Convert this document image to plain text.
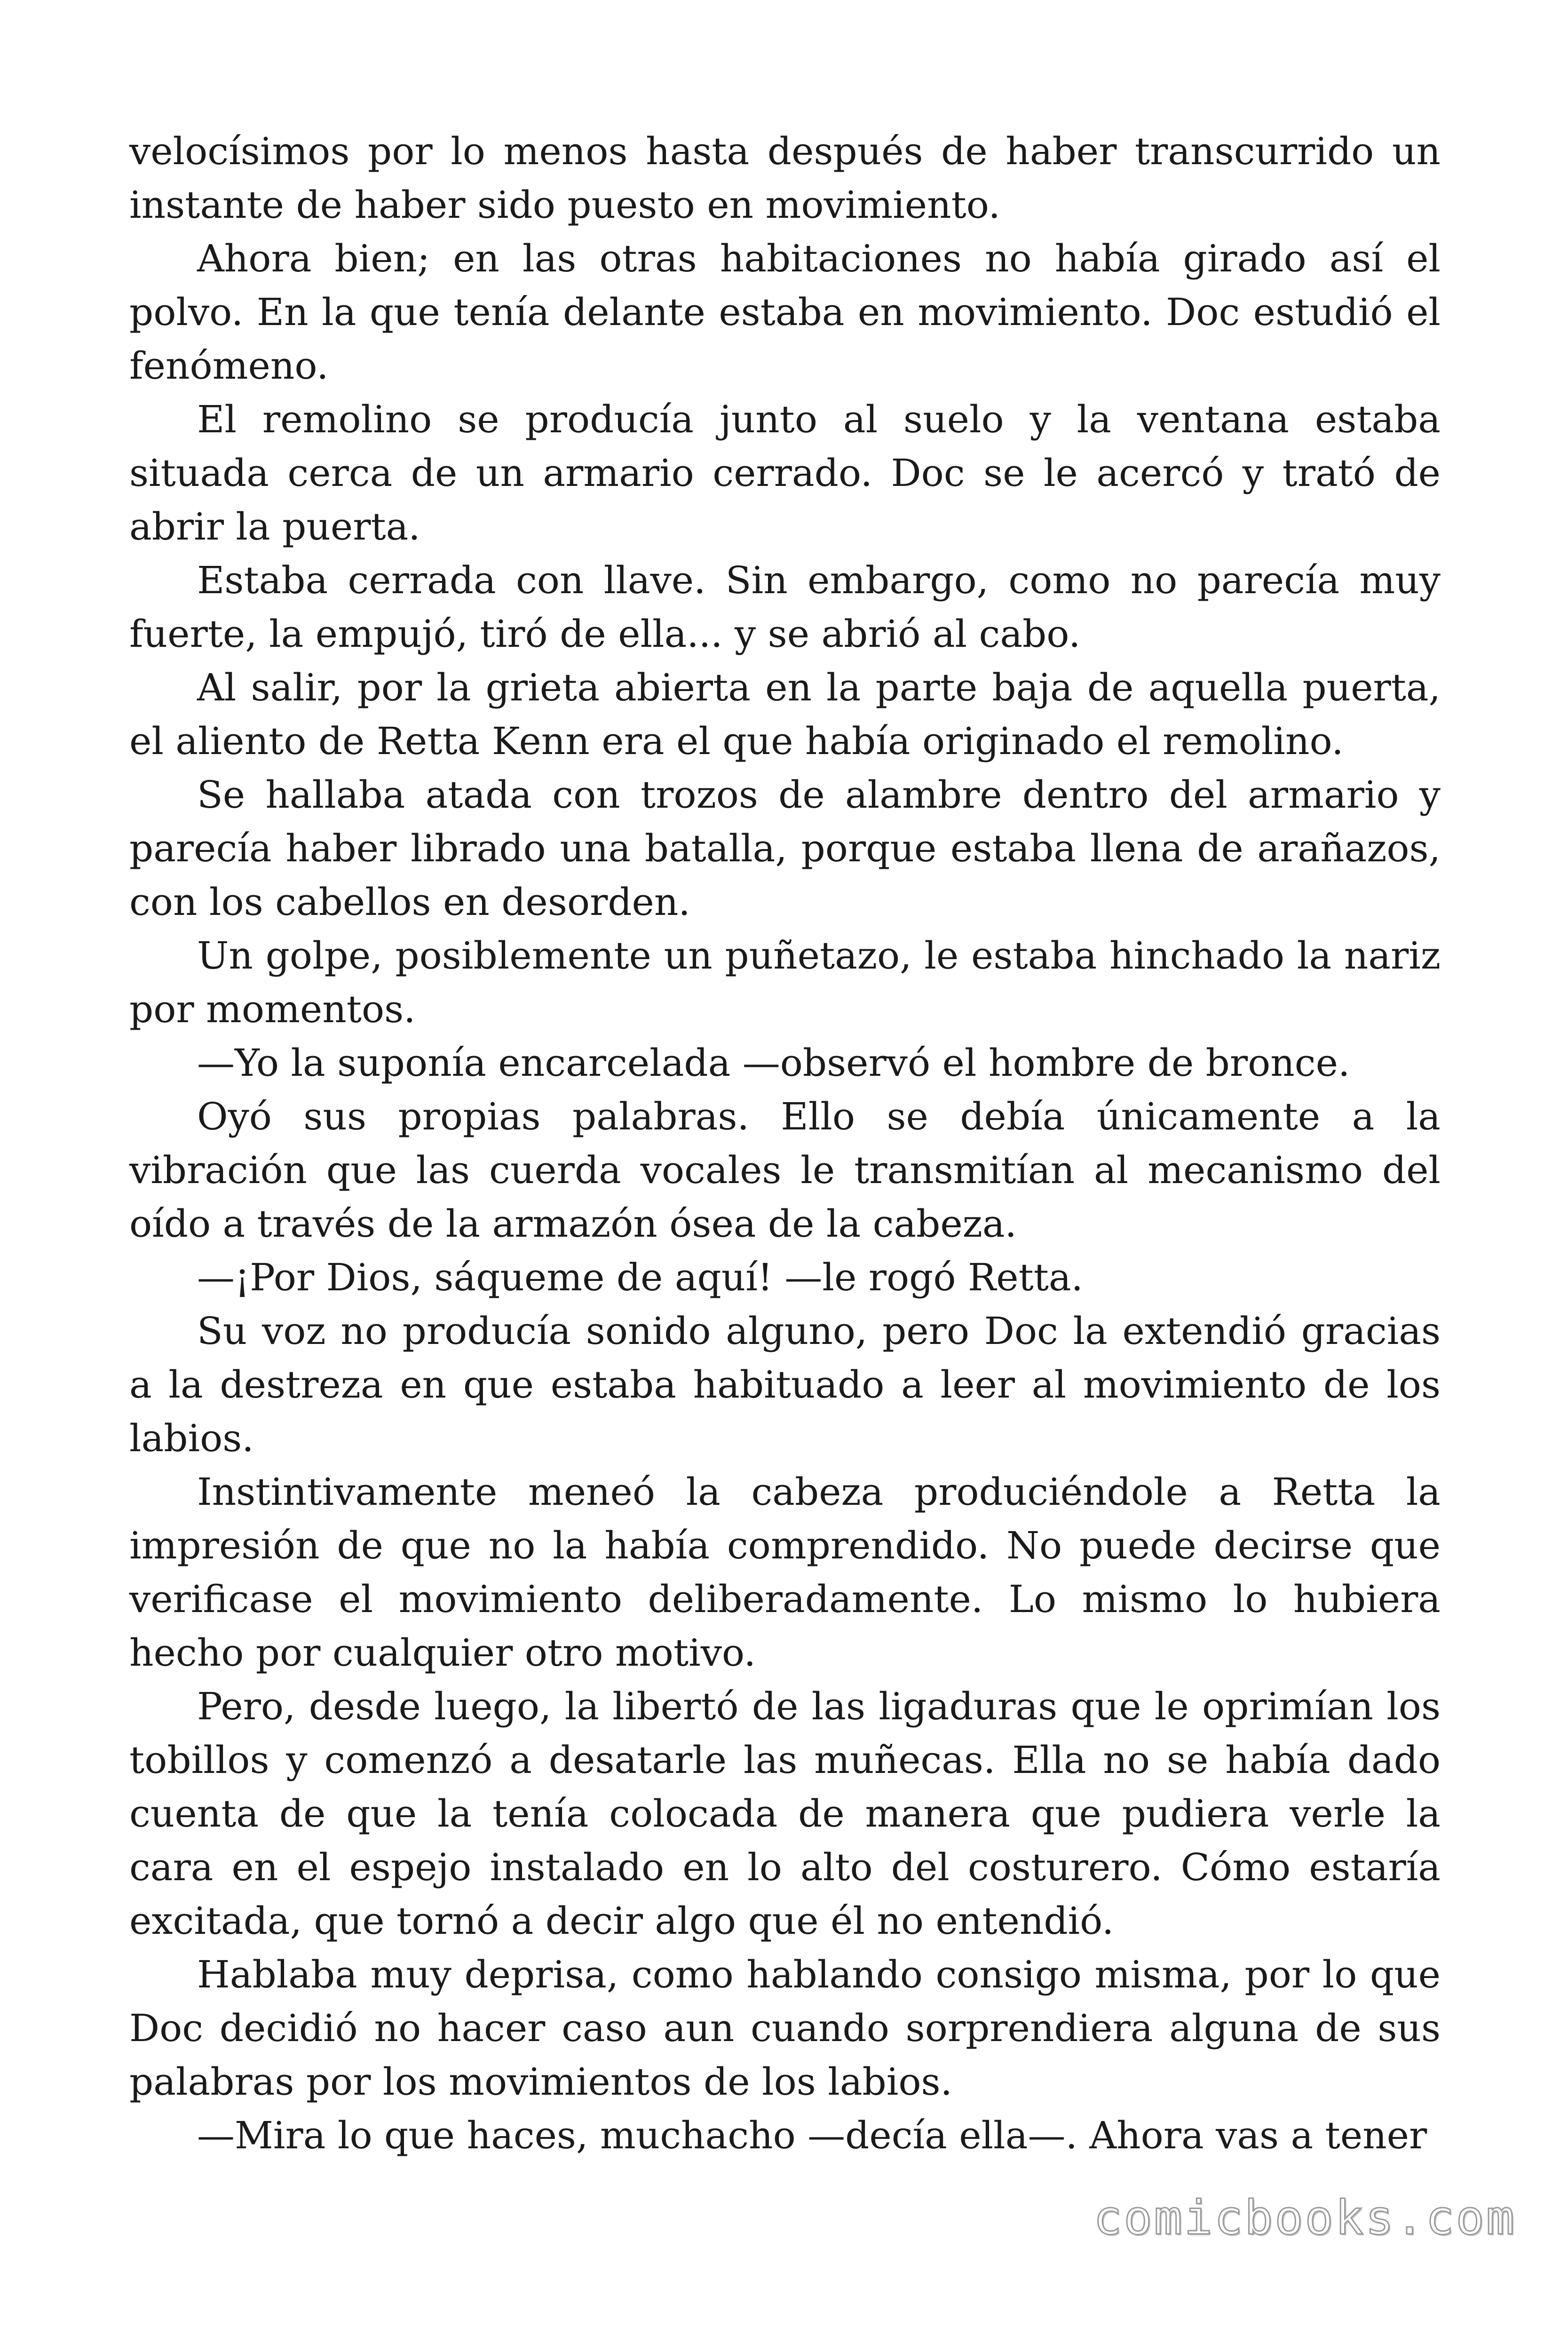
velocísimos por lo menos hasta después de haber transcurrido un instante de haber sido puesto en movimiento.

Ahora bien; en las otras habitaciones no había girado así el polvo. En la que tenía delante estaba en movimiento. Doc estudió el fenómeno.

El remolino se producía junto al suelo y la ventana estaba situada cerca de un armario cerrado. Doc se le acercó y trató de abrir la puerta.

Estaba cerrada con llave. Sin embargo, como no parecía muy fuerte, la empujó, tiró de ella... y se abrió al cabo.

Al salir, por la grieta abierta en la parte baja de aquella puerta, el aliento de Retta Kenn era el que había originado el remolino.

Se hallaba atada con trozos de alambre dentro del armario y parecía haber librado una batalla, porque estaba llena de arañazos, con los cabellos en desorden.

Un golpe, posiblemente un puñetazo, le estaba hinchado la nariz por momentos.

—Yo la suponía encarcelada —observó el hombre de bronce.

Oyó sus propias palabras. Ello se debía únicamente a la vibración que las cuerda vocales le transmitían al mecanismo del oído a través de la armazón ósea de la cabeza.

—¡Por Dios, sáqueme de aquí! —le rogó Retta.

Su voz no producía sonido alguno, pero Doc la extendió gracias a la destreza en que estaba habituado a leer al movimiento de los labios.

Instintivamente meneó la cabeza produciéndole a Retta la impresión de que no la había comprendido. No puede decirse que verificase el movimiento deliberadamente. Lo mismo lo hubiera hecho por cualquier otro motivo.

Pero, desde luego, la libertó de las ligaduras que le oprimían los tobillos y comenzó a desatarle las muñecas. Ella no se había dado cuenta de que la tenía colocada de manera que pudiera verle la cara en el espejo instalado en lo alto del costurero. Cómo estaría excitada, que tornó a decir algo que él no entendió.

Hablaba muy deprisa, como hablando consigo misma, por lo que Doc decidió no hacer caso aun cuando sorprendiera alguna de sus palabras por los movimientos de los labios.

—Mira lo que haces, muchacho —decía ella—. Ahora vas a tener

comicbooks.com
